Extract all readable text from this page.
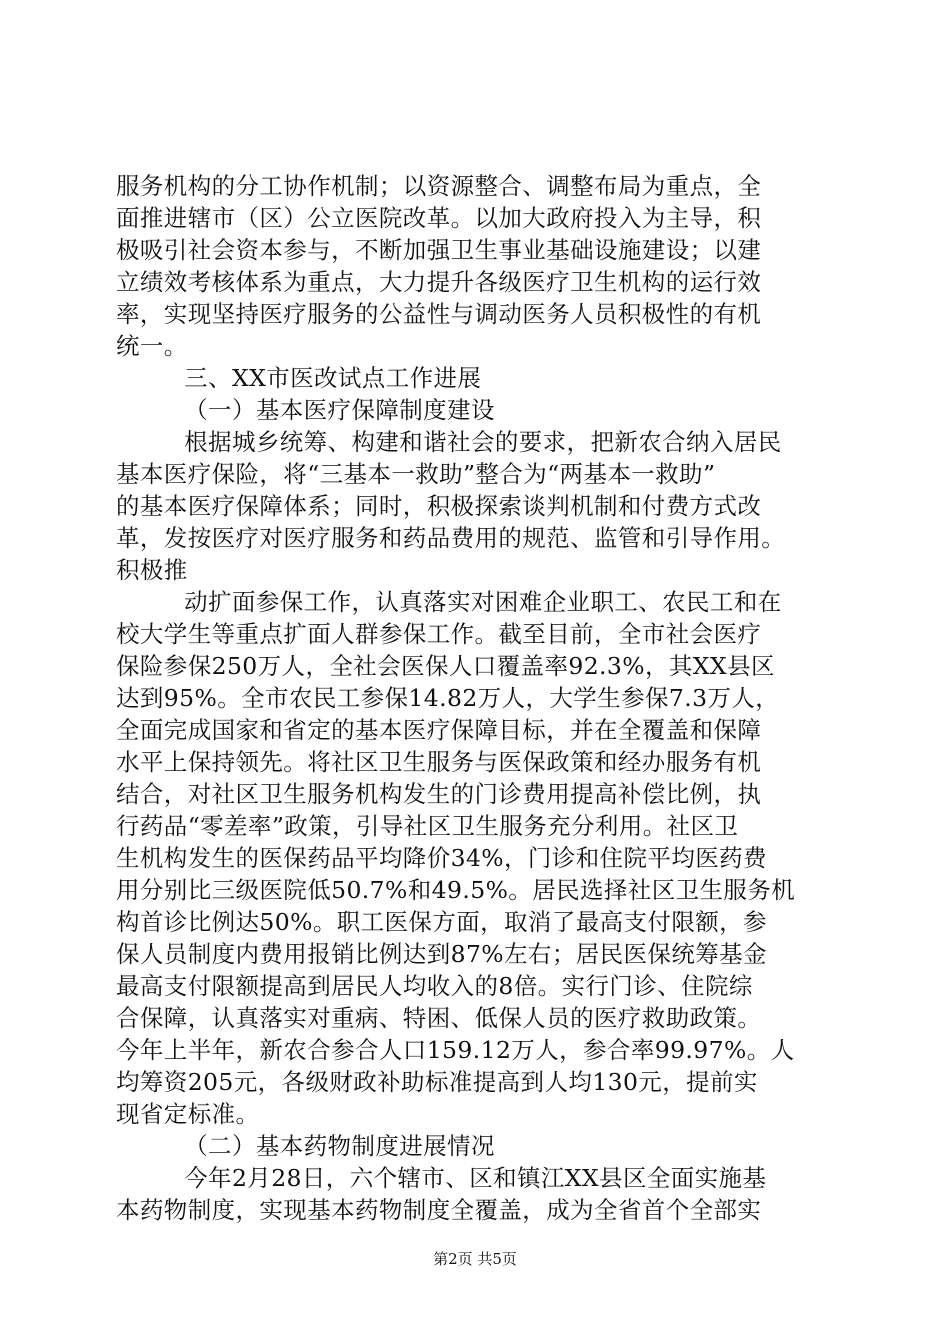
服务机构的分工协作机制；以资源整合、调整布局为重点，全
面推进辖市（区）公立医院改革。以加大政府投入为主导，积
极吸引社会资本参与，不断加强卫生事业基础设施建设；以建
立绩效考核体系为重点，大力提升各级医疗卫生机构的运行效
率，实现坚持医疗服务的公益性与调动医务人员积极性的有机
统一。
三、XX市医改试点工作进展
（一）基本医疗保障制度建设
根据城乡统筹、构建和谐社会的要求，把新农合纳入居民
基本医疗保险，将“三基本一救助”整合为“两基本一救助”
的基本医疗保障体系；同时，积极探索谈判机制和付费方式改
革，发按医疗对医疗服务和药品费用的规范、监管和引导作用。
积极推
动扩面参保工作，认真落实对困难企业职工、农民工和在
校大学生等重点扩面人群参保工作。截至目前，全市社会医疗
保险参保250万人，全社会医保人口覆盖率92.3%，其XX县区
达到95%。全市农民工参保14.82万人，大学生参保7.3万人，
全面完成国家和省定的基本医疗保障目标，并在全覆盖和保障
水平上保持领先。将社区卫生服务与医保政策和经办服务有机
结合，对社区卫生服务机构发生的门诊费用提高补偿比例，执
行药品“零差率”政策，引导社区卫生服务充分利用。社区卫
生机构发生的医保药品平均降价34%，门诊和住院平均医药费
用分别比三级医院低50.7%和49.5%。居民选择社区卫生服务机
构首诊比例达50%。职工医保方面，取消了最高支付限额，参
保人员制度内费用报销比例达到87%左右；居民医保统筹基金
最高支付限额提高到居民人均收入的8倍。实行门诊、住院综
合保障，认真落实对重病、特困、低保人员的医疗救助政策。
今年上半年，新农合参合人口159.12万人，参合率99.97%。人
均筹资205元，各级财政补助标准提高到人均130元，提前实
现省定标准。
（二）基本药物制度进展情况
今年2月28日，六个辖市、区和镇江XX县区全面实施基
本药物制度，实现基本药物制度全覆盖，成为全省首个全部实
第2页 共5页
